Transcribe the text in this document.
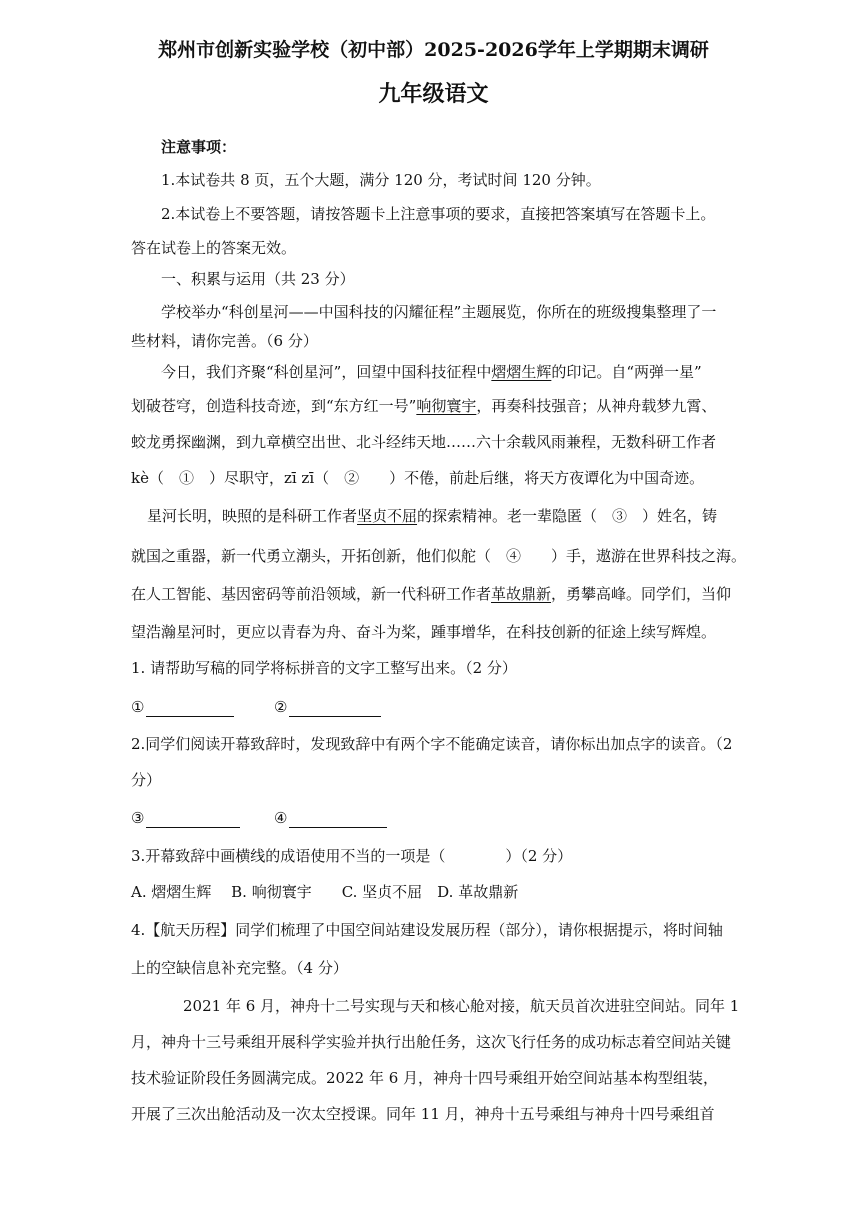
郑州市创新实验学校（初中部）2025-2026学年上学期期末调研
九年级语文
注意事项：
1.本试卷共 8 页，五个大题，满分 120 分，考试时间 120 分钟。
2.本试卷上不要答题，请按答题卡上注意事项的要求，直接把答案填写在答题卡上。
答在试卷上的答案无效。
一、积累与运用（共 23 分）
学校举办“科创星河——中国科技的闪耀征程”主题展览，你所在的班级搜集整理了一
些材料，请你完善。（6 分）
今日，我们齐聚“科创星河”，回望中国科技征程中熠熠生辉的印记。自“两弹一星”
划破苍穹，创造科技奇迹，到“东方红一号”响彻寰宇，再奏科技强音；从神舟载梦九霄、
蛟龙勇探幽渊，到九章横空出世、北斗经纬天地……六十余载风雨兼程，无数科研工作者
kè（　①　）尽职守，zī zī（　②　　）不倦，前赴后继，将天方夜谭化为中国奇迹。
星河长明，映照的是科研工作者坚贞不屈的探索精神。老一辈隐匿（　③　）姓名，铸
就国之重器，新一代勇立潮头，开拓创新，他们似舵（　④　　）手，遨游在世界科技之海。
在人工智能、基因密码等前沿领域，新一代科研工作者革故鼎新，勇攀高峰。同学们，当仰
望浩瀚星河时，更应以青春为舟、奋斗为桨，踵事增华，在科技创新的征途上续写辉煌。
1. 请帮助写稿的同学将标拼音的文字工整写出来。（2 分）
①	②
2.同学们阅读开幕致辞时，发现致辞中有两个字不能确定读音，请你标出加点字的读音。（2
分）
③	④
3.开幕致辞中画横线的成语使用不当的一项是（　　　　）（2 分）
A. 熠熠生辉　 B. 响彻寰宇　　C. 坚贞不屈　D. 革故鼎新
4.【航天历程】同学们梳理了中国空间站建设发展历程（部分），请你根据提示，将时间轴
上的空缺信息补充完整。（4 分）
2021 年 6 月，神舟十二号实现与天和核心舱对接，航天员首次进驻空间站。同年 1
月，神舟十三号乘组开展科学实验并执行出舱任务，这次飞行任务的成功标志着空间站关键
技术验证阶段任务圆满完成。2022 年 6 月，神舟十四号乘组开始空间站基本构型组装，
开展了三次出舱活动及一次太空授课。同年 11 月，神舟十五号乘组与神舟十四号乘组首
